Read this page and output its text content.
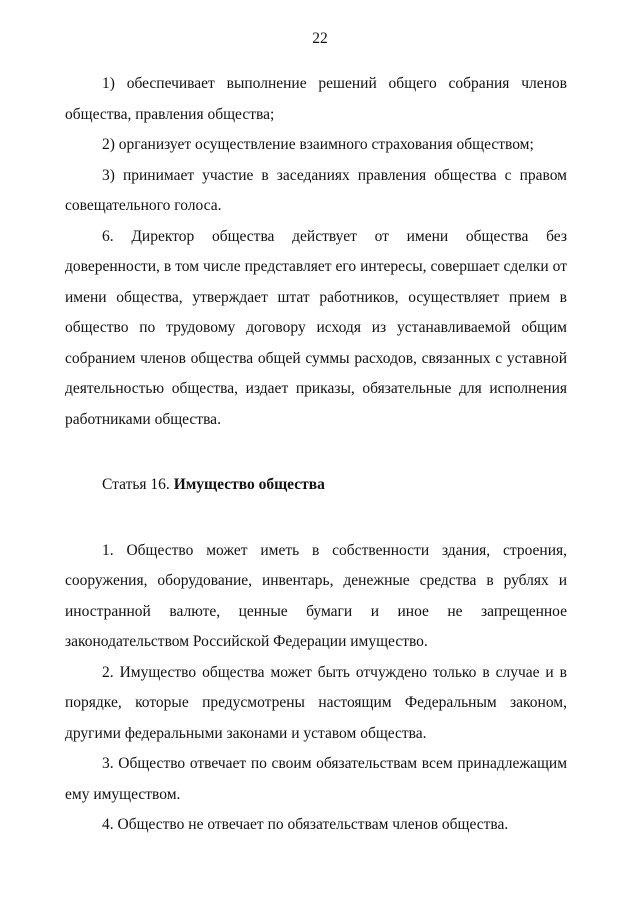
22

1) обеспечивает выполнение решений общего собрания членов общества, правления общества;

2) организует осуществление взаимного страхования обществом;

3) принимает участие в заседаниях правления общества с правом совещательного голоса.

6. Директор общества действует от имени общества без доверенности, в том числе представляет его интересы, совершает сделки от имени общества, утверждает штат работников, осуществляет прием в общество по трудовому договору исходя из устанавливаемой общим собранием членов общества общей суммы расходов, связанных с уставной деятельностью общества, издает приказы, обязательные для исполнения работниками общества.

Статья 16. Имущество общества

1. Общество может иметь в собственности здания, строения, сооружения, оборудование, инвентарь, денежные средства в рублях и иностранной валюте, ценные бумаги и иное не запрещенное законодательством Российской Федерации имущество.

2. Имущество общества может быть отчуждено только в случае и в порядке, которые предусмотрены настоящим Федеральным законом, другими федеральными законами и уставом общества.

3. Общество отвечает по своим обязательствам всем принадлежащим ему имуществом.

4. Общество не отвечает по обязательствам членов общества.
